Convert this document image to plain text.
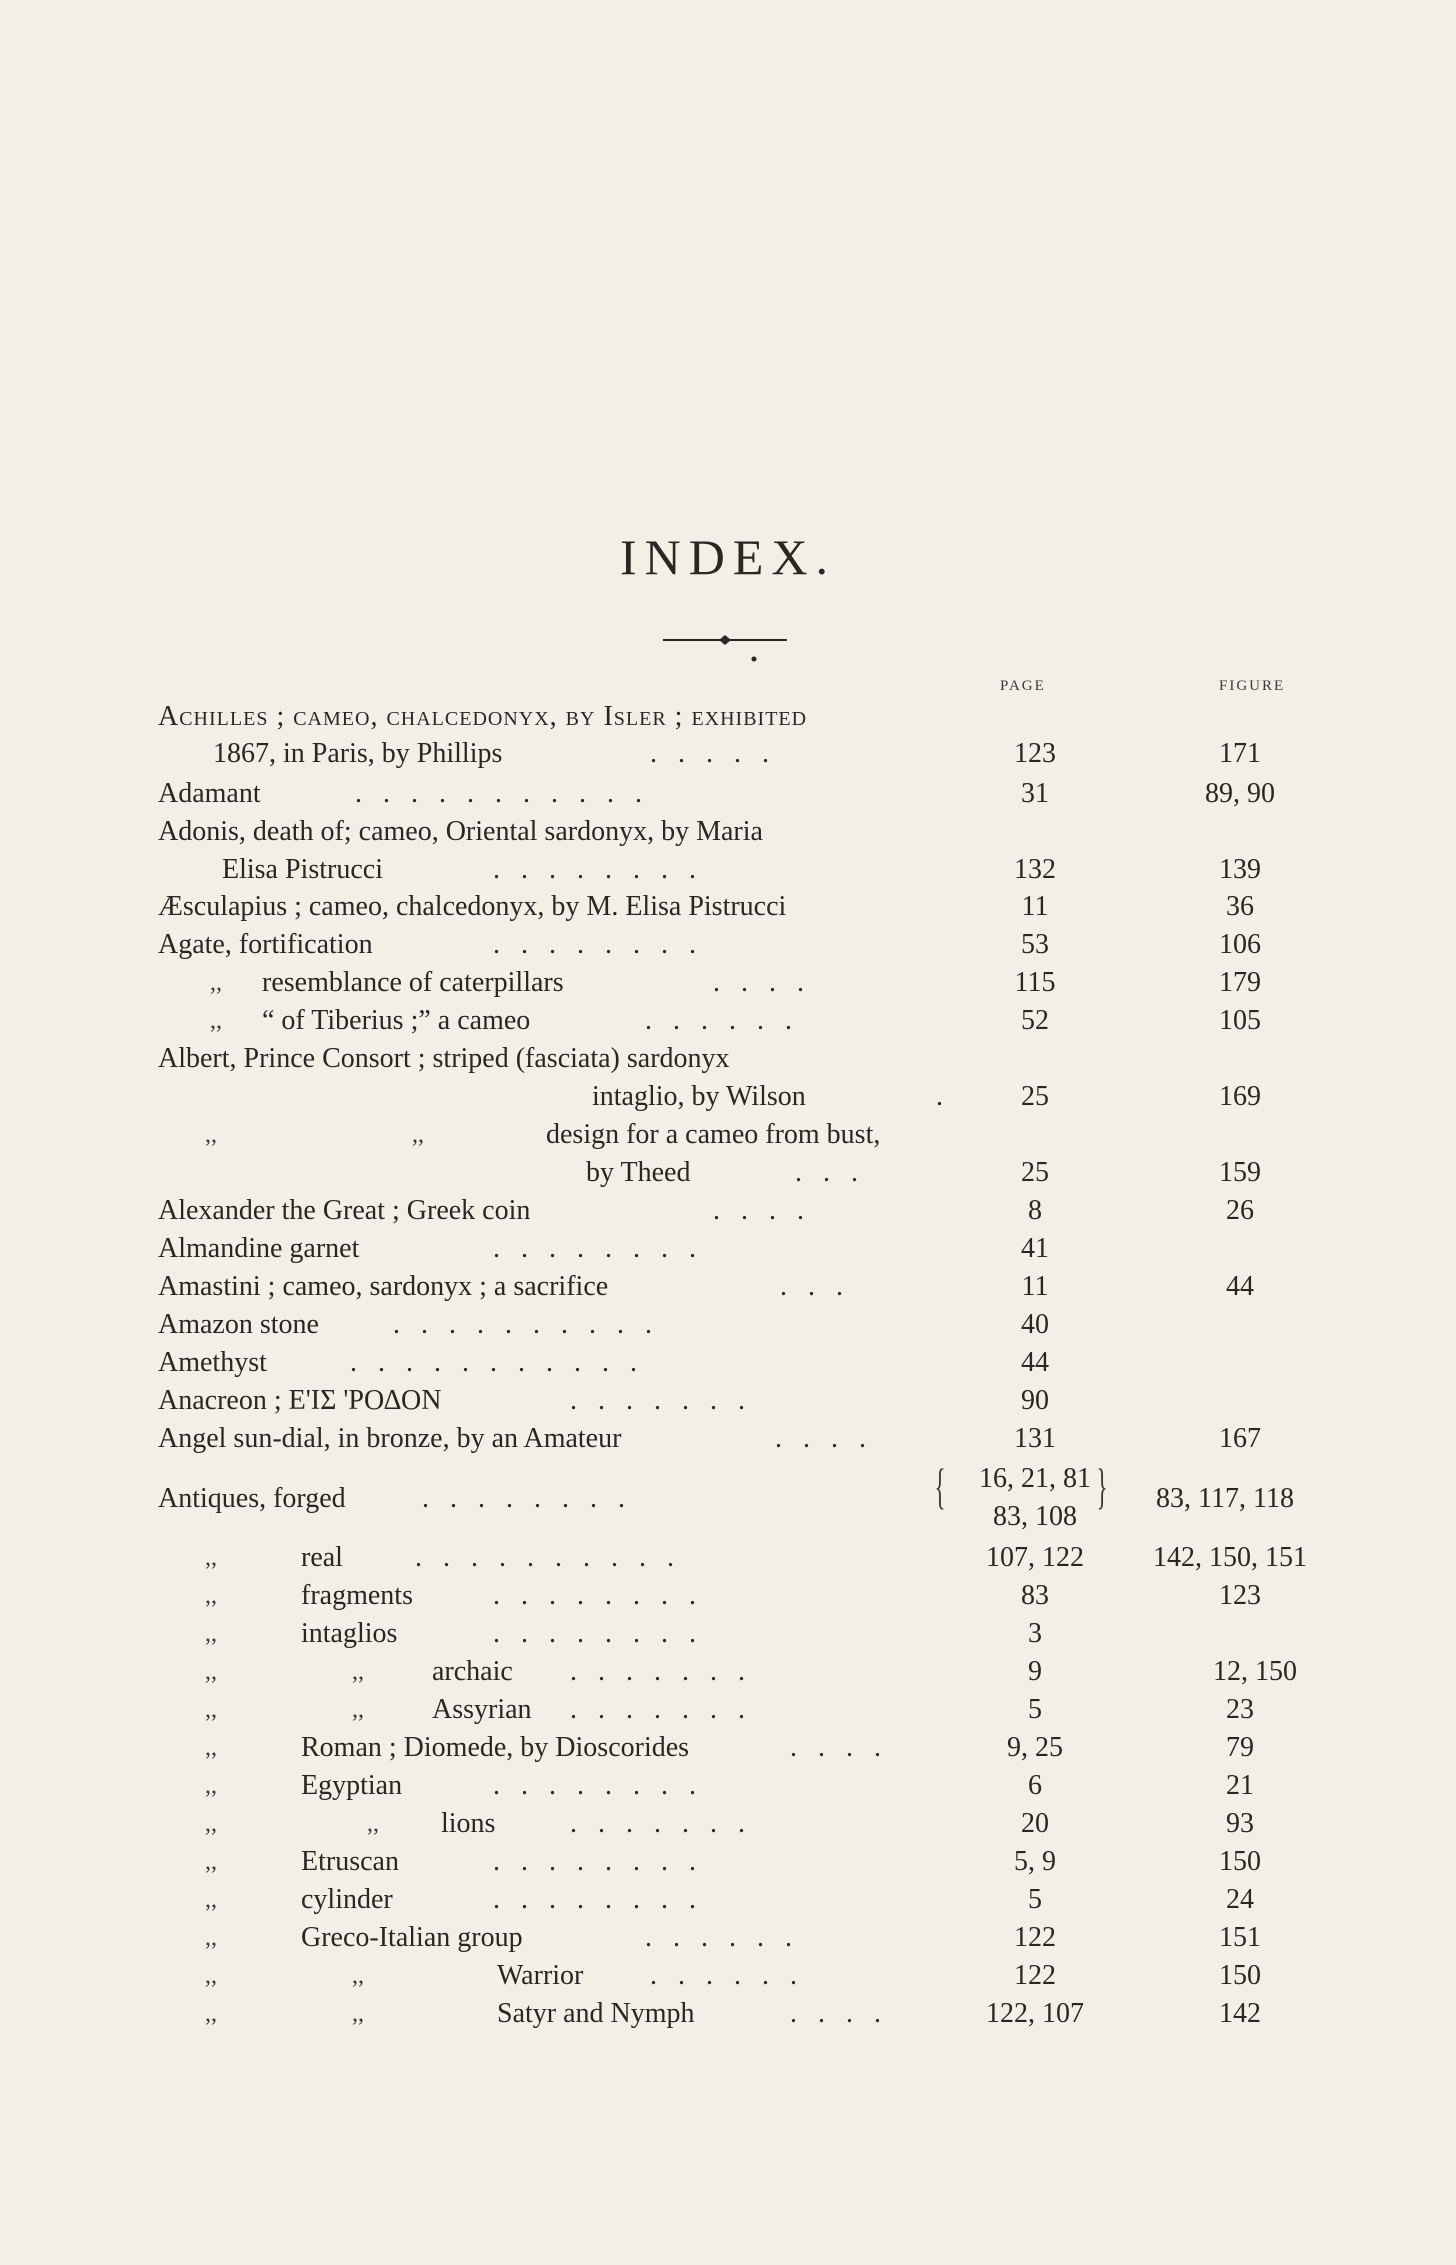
INDEX.
PAGE	FIGURE
Achilles ; cameo, chalcedonyx, by Isler ; exhibited
1867, in Paris, by Phillips	.   .   .   .   .	123	171
Adamant	.   .   .   .   .   .   .   .   .   .   .	31	89, 90
Adonis, death of; cameo, Oriental sardonyx, by Maria
Elisa Pistrucci	.   .   .   .   .   .   .   .	132	139
Æsculapius ; cameo, chalcedonyx, by M. Elisa Pistrucci	11	36
Agate, fortification	.   .   .   .   .   .   .   .	53	106
,, resemblance of caterpillars	.   .   .   .	115	179
,, “ of Tiberius ;” a cameo	.   .   .   .   .   .	52	105
Albert, Prince Consort ; striped (fasciata) sardonyx
intaglio, by Wilson	.	25	169
,,	,,	design for a cameo from bust,
by Theed	.   .   .	25	159
Alexander the Great ; Greek coin	.   .   .   .	8	26
Almandine garnet	.   .   .   .   .   .   .   .	41
Amastini ; cameo, sardonyx ; a sacrifice	.   .   .	11	44
Amazon stone	.   .   .   .   .   .   .   .   .   .	40
Amethyst	.   .   .   .   .   .   .   .   .   .   .	44
Anacreon ; Ε'ΙΣ 'ΡΟΔΟΝ	.   .   .   .   .   .   .	90
Angel sun-dial, in bronze, by an Amateur	.   .   .   .	131	167
Antiques, forged	.   .   .   .   .   .   .   .	{	16, 21, 81
83, 108
}	83, 117, 118
,,	real	.   .   .   .   .   .   .   .   .   .	107, 122	142, 150, 151
,,	fragments	.   .   .   .   .   .   .   .	83	123
,,	intaglios	.   .   .   .   .   .   .   .	3
,,	,, archaic .   .   .   .   .   .   .	9	12, 150
,,	,, Assyrian .   .   .   .   .   .   .	5	23
,,	Roman ; Diomede, by Dioscorides	.   .   .   .	9, 25	79
,,	Egyptian	.   .   .   .   .   .   .   .	6	21
,,	,, lions	.   .   .   .   .   .   .	20	93
,,	Etruscan	.   .   .   .   .   .   .   .	5, 9	150
,,	cylinder	.   .   .   .   .   .   .   .	5	24
,,	Greco-Italian group	.   .   .   .   .   .	122	151
,,	,,	Warrior .   .   .   .   .   .	122	150
,,	,,	Satyr and Nymph	.   .   .   .	122, 107	142
